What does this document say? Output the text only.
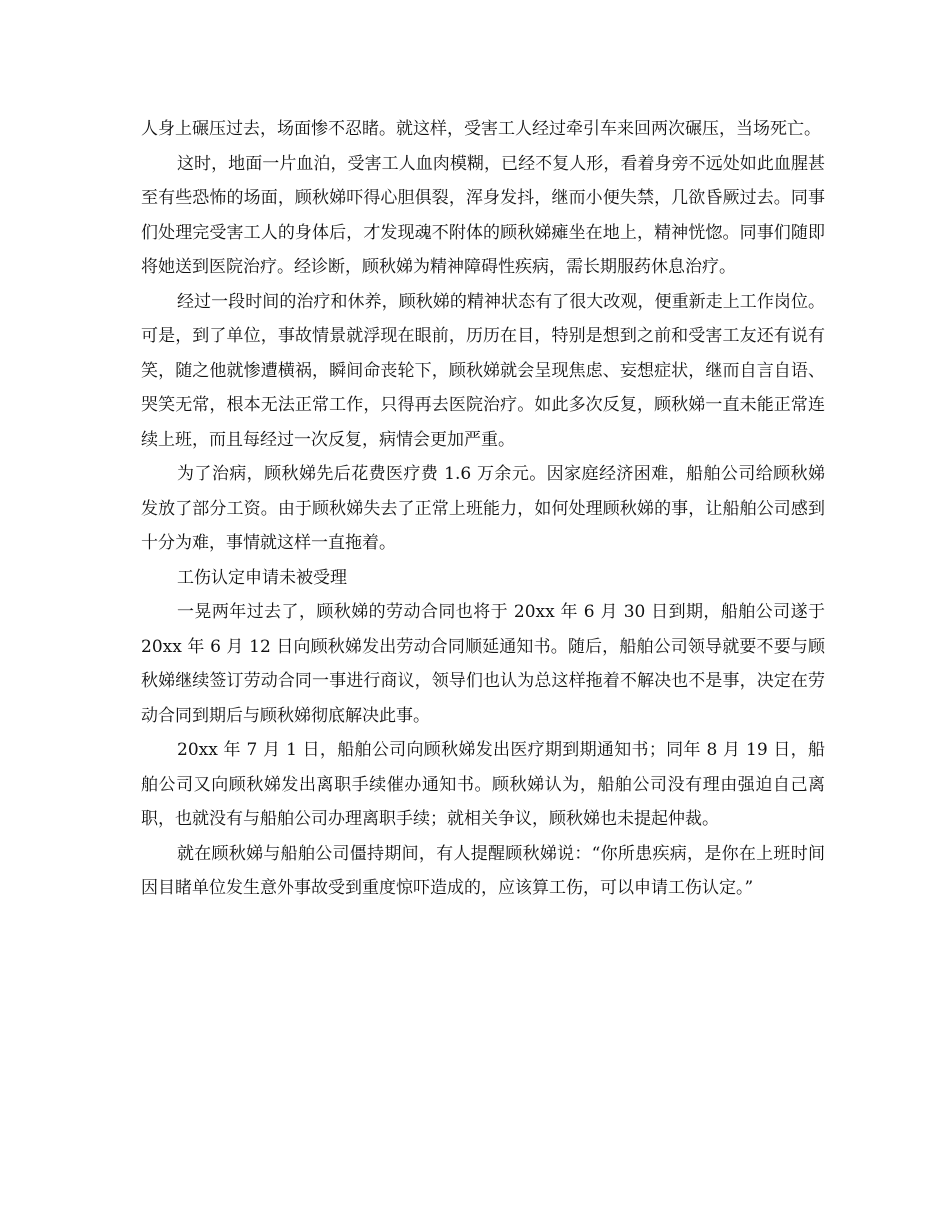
人身上碾压过去，场面惨不忍睹。就这样，受害工人经过牵引车来回两次碾压，当场死亡。

这时，地面一片血泊，受害工人血肉模糊，已经不复人形，看着身旁不远处如此血腥甚至有些恐怖的场面，顾秋娣吓得心胆俱裂，浑身发抖，继而小便失禁，几欲昏厥过去。同事们处理完受害工人的身体后，才发现魂不附体的顾秋娣瘫坐在地上，精神恍惚。同事们随即将她送到医院治疗。经诊断，顾秋娣为精神障碍性疾病，需长期服药休息治疗。

经过一段时间的治疗和休养，顾秋娣的精神状态有了很大改观，便重新走上工作岗位。可是，到了单位，事故情景就浮现在眼前，历历在目，特别是想到之前和受害工友还有说有笑，随之他就惨遭横祸，瞬间命丧轮下，顾秋娣就会呈现焦虑、妄想症状，继而自言自语、哭笑无常，根本无法正常工作，只得再去医院治疗。如此多次反复，顾秋娣一直未能正常连续上班，而且每经过一次反复，病情会更加严重。

为了治病，顾秋娣先后花费医疗费 1.6 万余元。因家庭经济困难，船舶公司给顾秋娣发放了部分工资。由于顾秋娣失去了正常上班能力，如何处理顾秋娣的事，让船舶公司感到十分为难，事情就这样一直拖着。

工伤认定申请未被受理

一晃两年过去了，顾秋娣的劳动合同也将于 20xx 年 6 月 30 日到期，船舶公司遂于 20xx 年 6 月 12 日向顾秋娣发出劳动合同顺延通知书。随后，船舶公司领导就要不要与顾秋娣继续签订劳动合同一事进行商议，领导们也认为总这样拖着不解决也不是事，决定在劳动合同到期后与顾秋娣彻底解决此事。

20xx 年 7 月 1 日，船舶公司向顾秋娣发出医疗期到期通知书；同年 8 月 19 日，船舶公司又向顾秋娣发出离职手续催办通知书。顾秋娣认为，船舶公司没有理由强迫自己离职，也就没有与船舶公司办理离职手续；就相关争议，顾秋娣也未提起仲裁。

就在顾秋娣与船舶公司僵持期间，有人提醒顾秋娣说：“你所患疾病，是你在上班时间因目睹单位发生意外事故受到重度惊吓造成的，应该算工伤，可以申请工伤认定。”
